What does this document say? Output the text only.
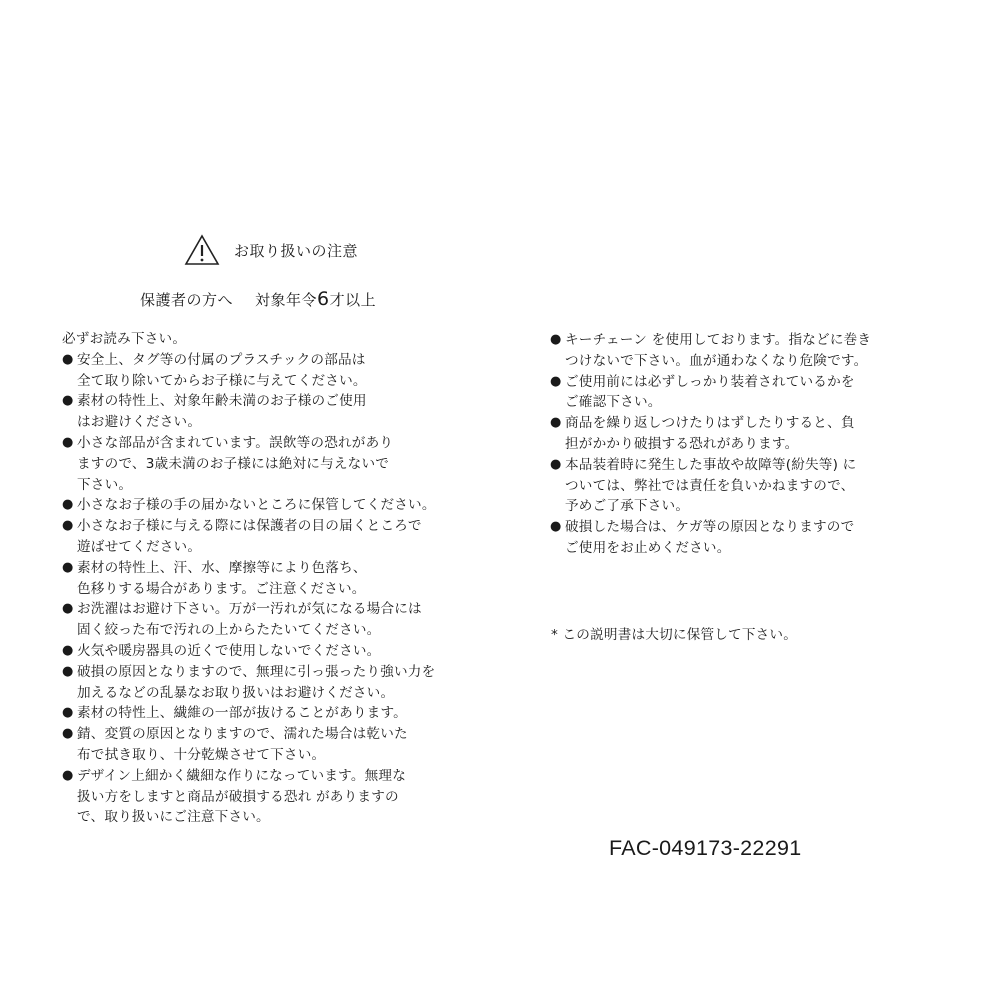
お取り扱いの注意
保護者の方へ 対象年令6才以上
必ずお読み下さい。
● 安全上、タグ等の付属のプラスチックの部品は
全て取り除いてからお子様に与えてください。
● 素材の特性上、対象年齢未満のお子様のご使用
はお避けください。
● 小さな部品が含まれています。誤飲等の恐れがあり
ますので、3歳未満のお子様には絶対に与えないで
下さい。
● 小さなお子様の手の届かないところに保管してください。
● 小さなお子様に与える際には保護者の目の届くところで
遊ばせてください。
● 素材の特性上、汗、水、摩擦等により色落ち、
色移りする場合があります。ご注意ください。
● お洗濯はお避け下さい。万が一汚れが気になる場合には
固く絞った布で汚れの上からたたいてください。
● 火気や暖房器具の近くで使用しないでください。
● 破損の原因となりますので、無理に引っ張ったり強い力を
加えるなどの乱暴なお取り扱いはお避けください。
● 素材の特性上、繊維の一部が抜けることがあります。
● 錆、変質の原因となりますので、濡れた場合は乾いた
布で拭き取り、十分乾燥させて下さい。
● デザイン上細かく繊細な作りになっています。無理な
扱い方をしますと商品が破損する恐れ がありますの
で、取り扱いにご注意下さい。
● キーチェーン を使用しております。指などに巻き
つけないで下さい。血が通わなくなり危険です。
● ご使用前には必ずしっかり装着されているかを
ご確認下さい。
● 商品を繰り返しつけたりはずしたりすると、負
担がかかり破損する恐れがあります。
● 本品装着時に発生した事故や故障等(紛失等) に
ついては、弊社では責任を負いかねますので、
予めご了承下さい。
● 破損した場合は、ケガ等の原因となりますので
ご使用をお止めください。
* この説明書は大切に保管して下さい。
FAC-049173-22291
